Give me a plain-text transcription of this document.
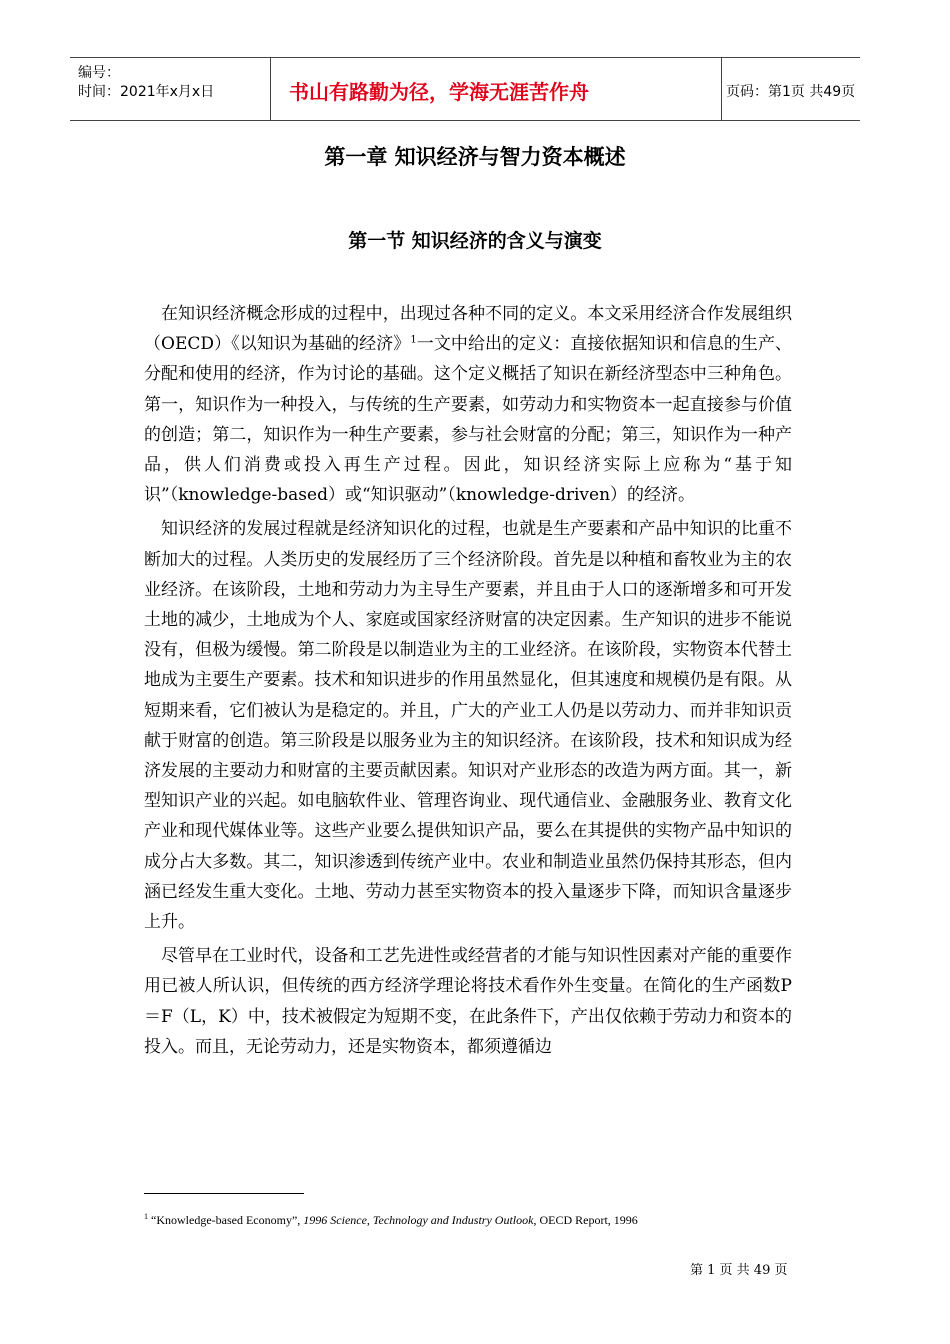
编号：
时间：2021年x月x日	书山有路勤为径，学海无涯苦作舟	页码：第1页 共49页
第一章 知识经济与智力资本概述
第一节 知识经济的含义与演变

在知识经济概念形成的过程中，出现过各种不同的定义。本文采用经济合作发展组织（OECD）《以知识为基础的经济》$^1$一文中给出的定义：直接依据知识和信息的生产、分配和使用的经济，作为讨论的基础。这个定义概括了知识在新经济型态中三种角色。第一，知识作为一种投入，与传统的生产要素，如劳动力和实物资本一起直接参与价值的创造；第二，知识作为一种生产要素，参与社会财富的分配；第三，知识作为一种产品，供人们消费或投入再生产过程。因此，知识经济实际上应称为“基于知识”（knowledge-based）或“知识驱动”（knowledge-driven）的经济。

知识经济的发展过程就是经济知识化的过程，也就是生产要素和产品中知识的比重不断加大的过程。人类历史的发展经历了三个经济阶段。首先是以种植和畜牧业为主的农业经济。在该阶段，土地和劳动力为主导生产要素，并且由于人口的逐渐增多和可开发土地的减少，土地成为个人、家庭或国家经济财富的决定因素。生产知识的进步不能说没有，但极为缓慢。第二阶段是以制造业为主的工业经济。在该阶段，实物资本代替土地成为主要生产要素。技术和知识进步的作用虽然显化，但其速度和规模仍是有限。从短期来看，它们被认为是稳定的。并且，广大的产业工人仍是以劳动力、而并非知识贡献于财富的创造。第三阶段是以服务业为主的知识经济。在该阶段，技术和知识成为经济发展的主要动力和财富的主要贡献因素。知识对产业形态的改造为两方面。其一，新型知识产业的兴起。如电脑软件业、管理咨询业、现代通信业、金融服务业、教育文化产业和现代媒体业等。这些产业要么提供知识产品，要么在其提供的实物产品中知识的成分占大多数。其二，知识渗透到传统产业中。农业和制造业虽然仍保持其形态，但内涵已经发生重大变化。土地、劳动力甚至实物资本的投入量逐步下降，而知识含量逐步上升。

尽管早在工业时代，设备和工艺先进性或经营者的才能与知识性因素对产能的重要作用已被人所认识，但传统的西方经济学理论将技术看作外生变量。在简化的生产函数P＝F（L，K）中，技术被假定为短期不变，在此条件下，产出仅依赖于劳动力和资本的投入。而且，无论劳动力，还是实物资本，都须遵循边

$^1$ “Knowledge-based Economy”, 1996 Science, Technology and Industry Outlook, OECD Report, 1996
第 1 页 共 49 页
